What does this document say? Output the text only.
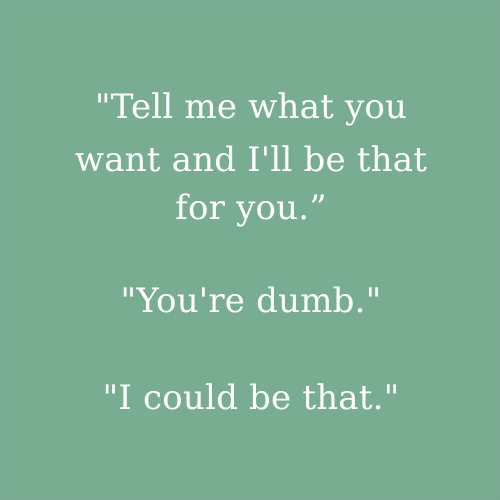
"Tell me what you
want and I'll be that
for you.”
"You're dumb."
"I could be that."
